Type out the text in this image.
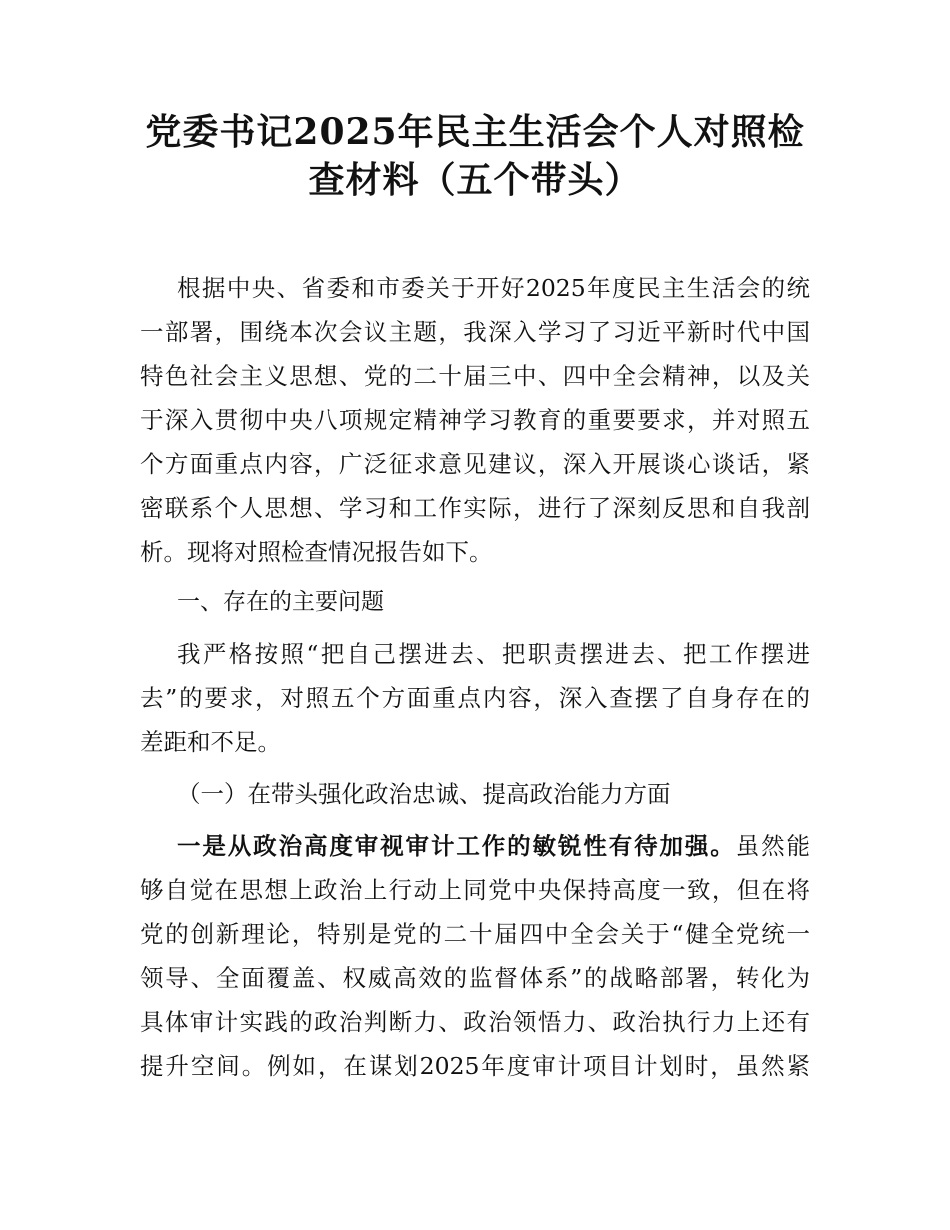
党委书记2025年民主生活会个人对照检查材料（五个带头）
根据中央、省委和市委关于开好2025年度民主生活会的统
一部署，围绕本次会议主题，我深入学习了习近平新时代中国
特色社会主义思想、党的二十届三中、四中全会精神，以及关
于深入贯彻中央八项规定精神学习教育的重要要求，并对照五
个方面重点内容，广泛征求意见建议，深入开展谈心谈话，紧
密联系个人思想、学习和工作实际，进行了深刻反思和自我剖
析。现将对照检查情况报告如下。
一、存在的主要问题
我严格按照“把自己摆进去、把职责摆进去、把工作摆进
去”的要求，对照五个方面重点内容，深入查摆了自身存在的
差距和不足。
（一）在带头强化政治忠诚、提高政治能力方面
一是从政治高度审视审计工作的敏锐性有待加强。虽然能
够自觉在思想上政治上行动上同党中央保持高度一致，但在将
党的创新理论，特别是党的二十届四中全会关于“健全党统一
领导、全面覆盖、权威高效的监督体系”的战略部署，转化为
具体审计实践的政治判断力、政治领悟力、政治执行力上还有
提升空间。例如，在谋划2025年度审计项目计划时，虽然紧
